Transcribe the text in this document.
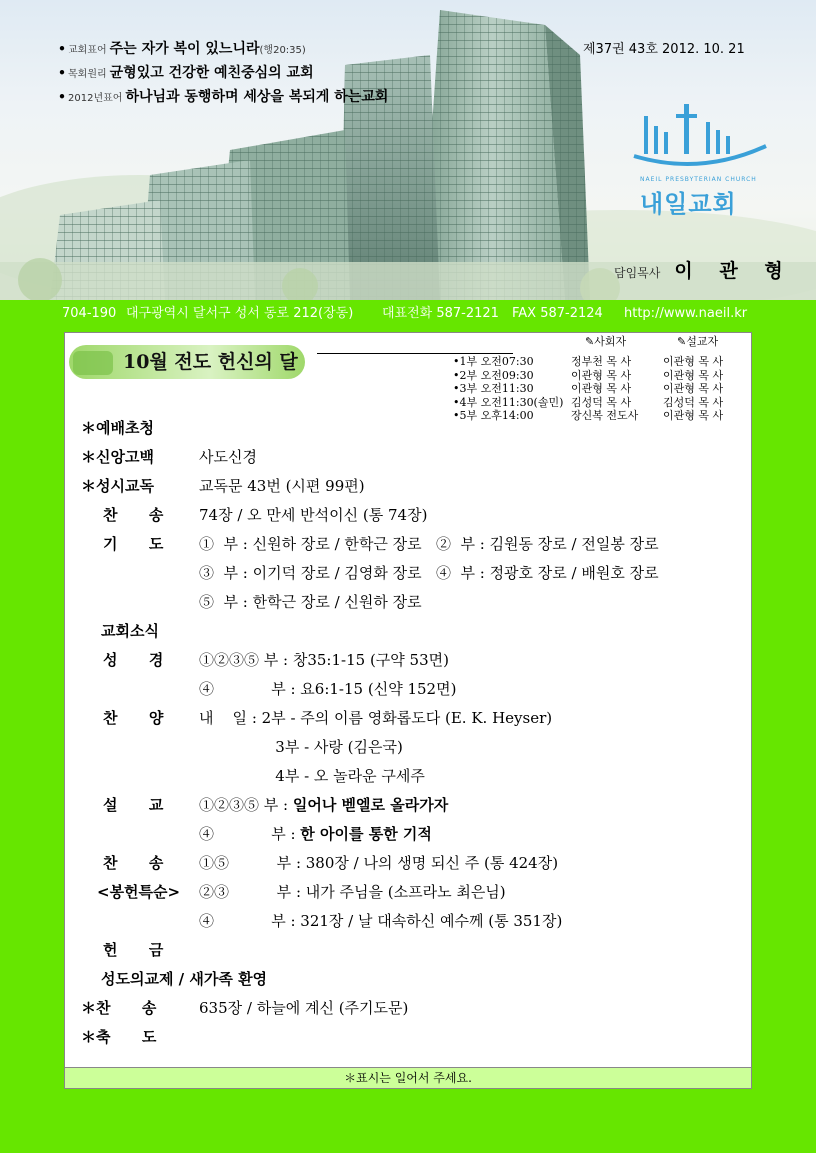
• 교회표어 주는 자가 복이 있느니라 (행20:35)
• 목회원리 균형있고 건강한 예친중심의 교회
• 2012년표어 하나님과 동행하며 세상을 복되게 하는교회
제37권 43호 2012. 10. 21
NAEIL PRESBYTERIAN CHURCH
내일교회
담임목사 이 관 형
704-190 대구광역시 달서구 성서 동로 212(장동) 대표전화 587-2121 FAX 587-2124 http://www.naeil.kr
10월 전도 헌신의 달
✎사회자	✎설교자
•1부 오전07:30	정부천 목 사	이관형 목 사
•2부 오전09:30	이관형 목 사	이관형 목 사
•3부 오전11:30	이관형 목 사	이관형 목 사
•4부 오전11:30(솔민) 김성덕 목 사	김성덕 목 사
•5부 오후14:00	장신복 전도사	이관형 목 사
＊예배초청
＊신앙고백	사도신경
＊성시교독	교독문 43번 (시편 99편)
찬      송 74장 / 오 만세 반석이신 (통 74장)
기      도 ①  부 : 신원하 장로 / 한학근 장로   ②  부 : 김원동 장로 / 전일봉 장로
③  부 : 이기덕 장로 / 김영화 장로   ④  부 : 정광호 장로 / 배원호 장로
⑤  부 : 한학근 장로 / 신원하 장로
교회소식
성      경 ①②③⑤ 부 : 창35:1-15 (구약 53면)
④            부 : 요6:1-15 (신약 152면)
찬      양 내    일 : 2부 - 주의 이름 영화롭도다 (E. K. Heyser)
3부 - 사랑 (김은국)
4부 - 오 놀라운 구세주
설      교 ①②③⑤ 부 : 일어나 벧엘로 올라가자
④            부 : 한 아이를 통한 기적
찬      송 ①⑤          부 : 380장 / 나의 생명 되신 주 (통 424장)
<봉헌특순> ②③          부 : 내가 주님을 (소프라노 최은님)
④            부 : 321장 / 날 대속하신 예수께 (통 351장)
헌      금
성도의교제 / 새가족 환영
＊찬      송	635장 / 하늘에 계신 (주기도문)
＊축      도
＊표시는 일어서 주세요.
